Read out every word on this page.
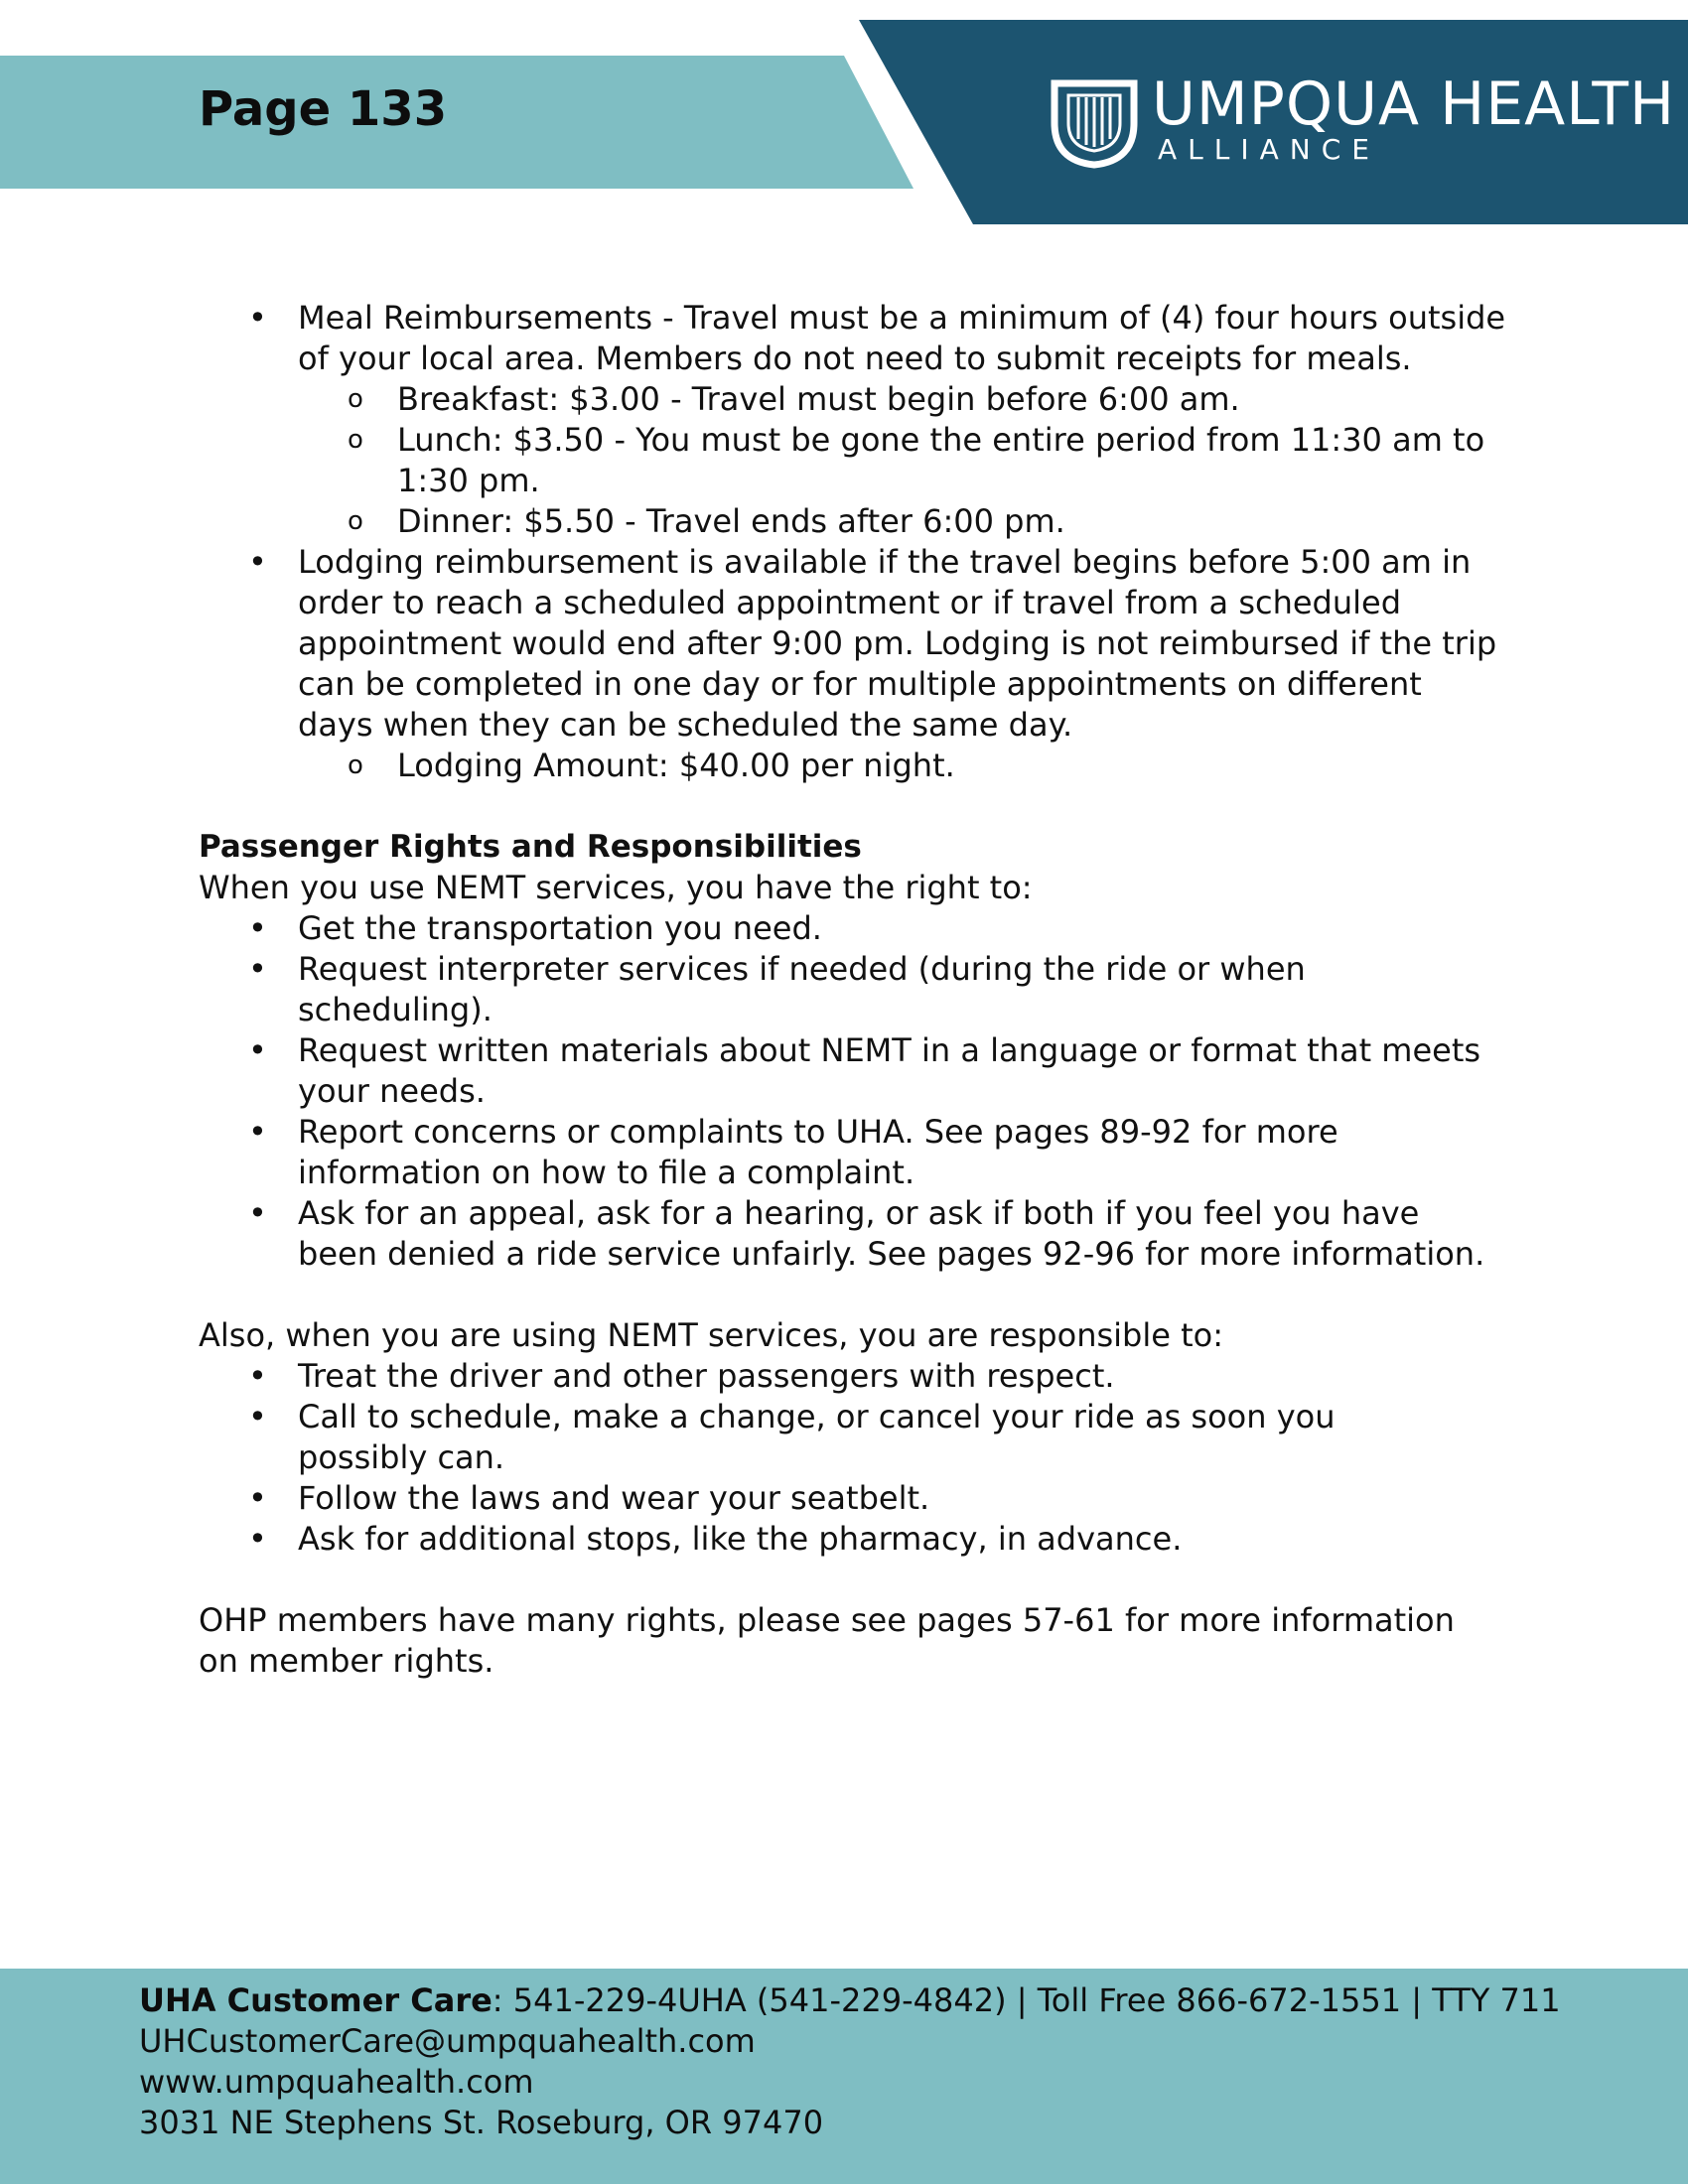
Page 133	UMPQUA HEALTH
ALLIANCE
• Meal Reimbursements - Travel must be a minimum of (4) four hours outside
of your local area. Members do not need to submit receipts for meals.
o Breakfast: $3.00 - Travel must begin before 6:00 am.
o Lunch: $3.50 - You must be gone the entire period from 11:30 am to
1:30 pm.
o Dinner: $5.50 - Travel ends after 6:00 pm.
• Lodging reimbursement is available if the travel begins before 5:00 am in
order to reach a scheduled appointment or if travel from a scheduled
appointment would end after 9:00 pm. Lodging is not reimbursed if the trip
can be completed in one day or for multiple appointments on different
days when they can be scheduled the same day.
o Lodging Amount: $40.00 per night.
Passenger Rights and Responsibilities

When you use NEMT services, you have the right to:

• Get the transportation you need.
• Request interpreter services if needed (during the ride or when
scheduling).
• Request written materials about NEMT in a language or format that meets
your needs.
• Report concerns or complaints to UHA. See pages 89-92 for more
information on how to file a complaint.
• Ask for an appeal, ask for a hearing, or ask if both if you feel you have
been denied a ride service unfairly. See pages 92-96 for more information.

Also, when you are using NEMT services, you are responsible to:

• Treat the driver and other passengers with respect.
• Call to schedule, make a change, or cancel your ride as soon you
possibly can.
• Follow the laws and wear your seatbelt.
• Ask for additional stops, like the pharmacy, in advance.

OHP members have many rights, please see pages 57-61 for more information

on member rights.

UHA Customer Care: 541-229-4UHA (541-229-4842) | Toll Free 866-672-1551 | TTY 711
UHCustomerCare@umpquahealth.com
www.umpquahealth.com
3031 NE Stephens St. Roseburg, OR 97470
